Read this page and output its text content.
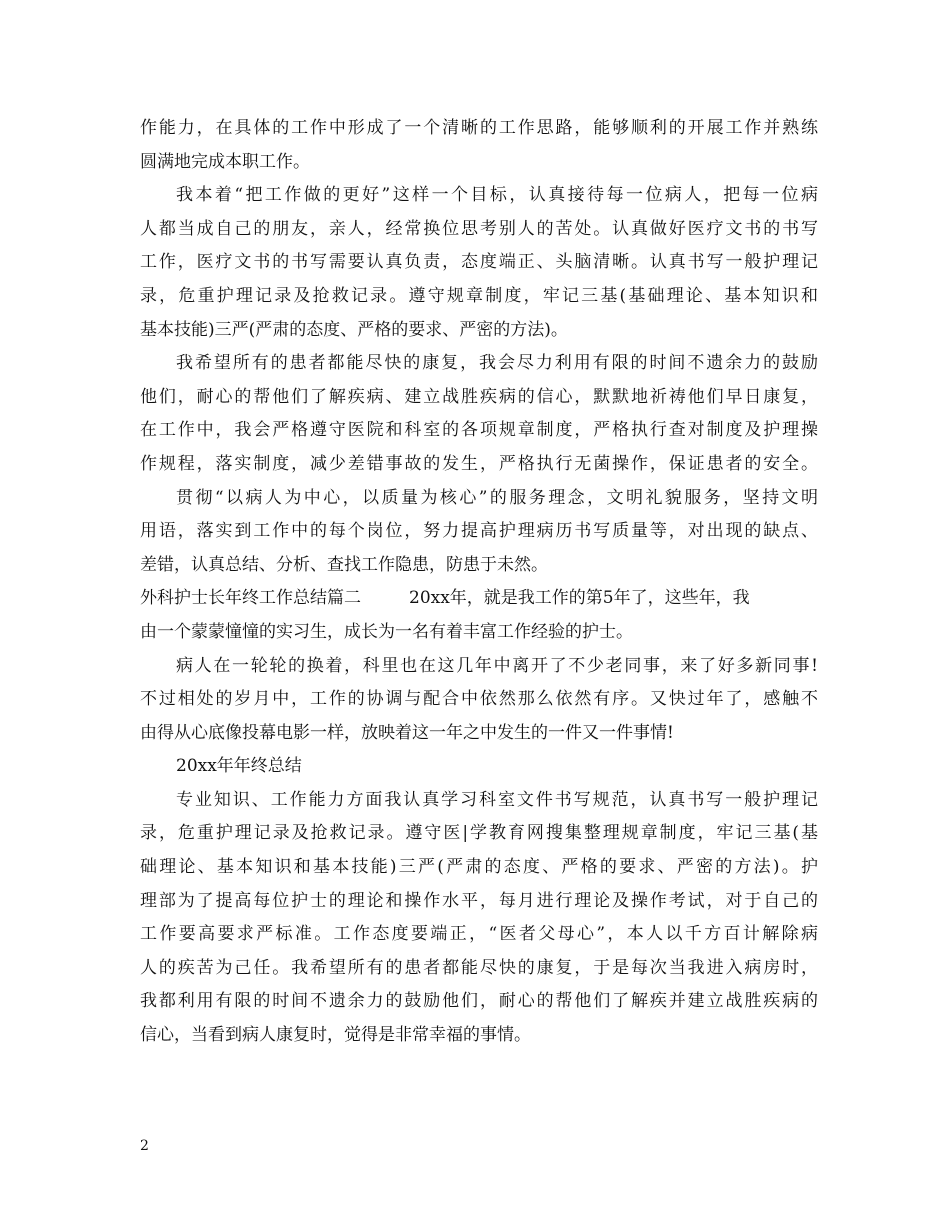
作能力，在具体的工作中形成了一个清晰的工作思路，能够顺利的开展工作并熟练
圆满地完成本职工作。
我本着“把工作做的更好”这样一个目标，认真接待每一位病人，把每一位病
人都当成自己的朋友，亲人，经常换位思考别人的苦处。认真做好医疗文书的书写
工作，医疗文书的书写需要认真负责，态度端正、头脑清晰。认真书写一般护理记
录，危重护理记录及抢救记录。遵守规章制度，牢记三基(基础理论、基本知识和
基本技能)三严(严肃的态度、严格的要求、严密的方法)。
我希望所有的患者都能尽快的康复，我会尽力利用有限的时间不遗余力的鼓励
他们，耐心的帮他们了解疾病、建立战胜疾病的信心，默默地祈祷他们早日康复，
在工作中，我会严格遵守医院和科室的各项规章制度，严格执行查对制度及护理操
作规程，落实制度，减少差错事故的发生，严格执行无菌操作，保证患者的安全。
贯彻“以病人为中心，以质量为核心”的服务理念，文明礼貌服务，坚持文明
用语，落实到工作中的每个岗位，努力提高护理病历书写质量等，对出现的缺点、
差错，认真总结、分析、查找工作隐患，防患于未然。
外科护士长年终工作总结篇二	20xx年，就是我工作的第5年了，这些年，我
由一个蒙蒙憧憧的实习生，成长为一名有着丰富工作经验的护士。
病人在一轮轮的换着，科里也在这几年中离开了不少老同事，来了好多新同事!
不过相处的岁月中，工作的协调与配合中依然那么依然有序。又快过年了，感触不
由得从心底像投幕电影一样，放映着这一年之中发生的一件又一件事情!
20xx年年终总结
专业知识、工作能力方面我认真学习科室文件书写规范，认真书写一般护理记
录，危重护理记录及抢救记录。遵守医|学教育网搜集整理规章制度，牢记三基(基
础理论、基本知识和基本技能)三严(严肃的态度、严格的要求、严密的方法)。护
理部为了提高每位护士的理论和操作水平，每月进行理论及操作考试，对于自己的
工作要高要求严标准。工作态度要端正，“医者父母心”，本人以千方百计解除病
人的疾苦为己任。我希望所有的患者都能尽快的康复，于是每次当我进入病房时，
我都利用有限的时间不遗余力的鼓励他们，耐心的帮他们了解疾并建立战胜疾病的
信心，当看到病人康复时，觉得是非常幸福的事情。
2
